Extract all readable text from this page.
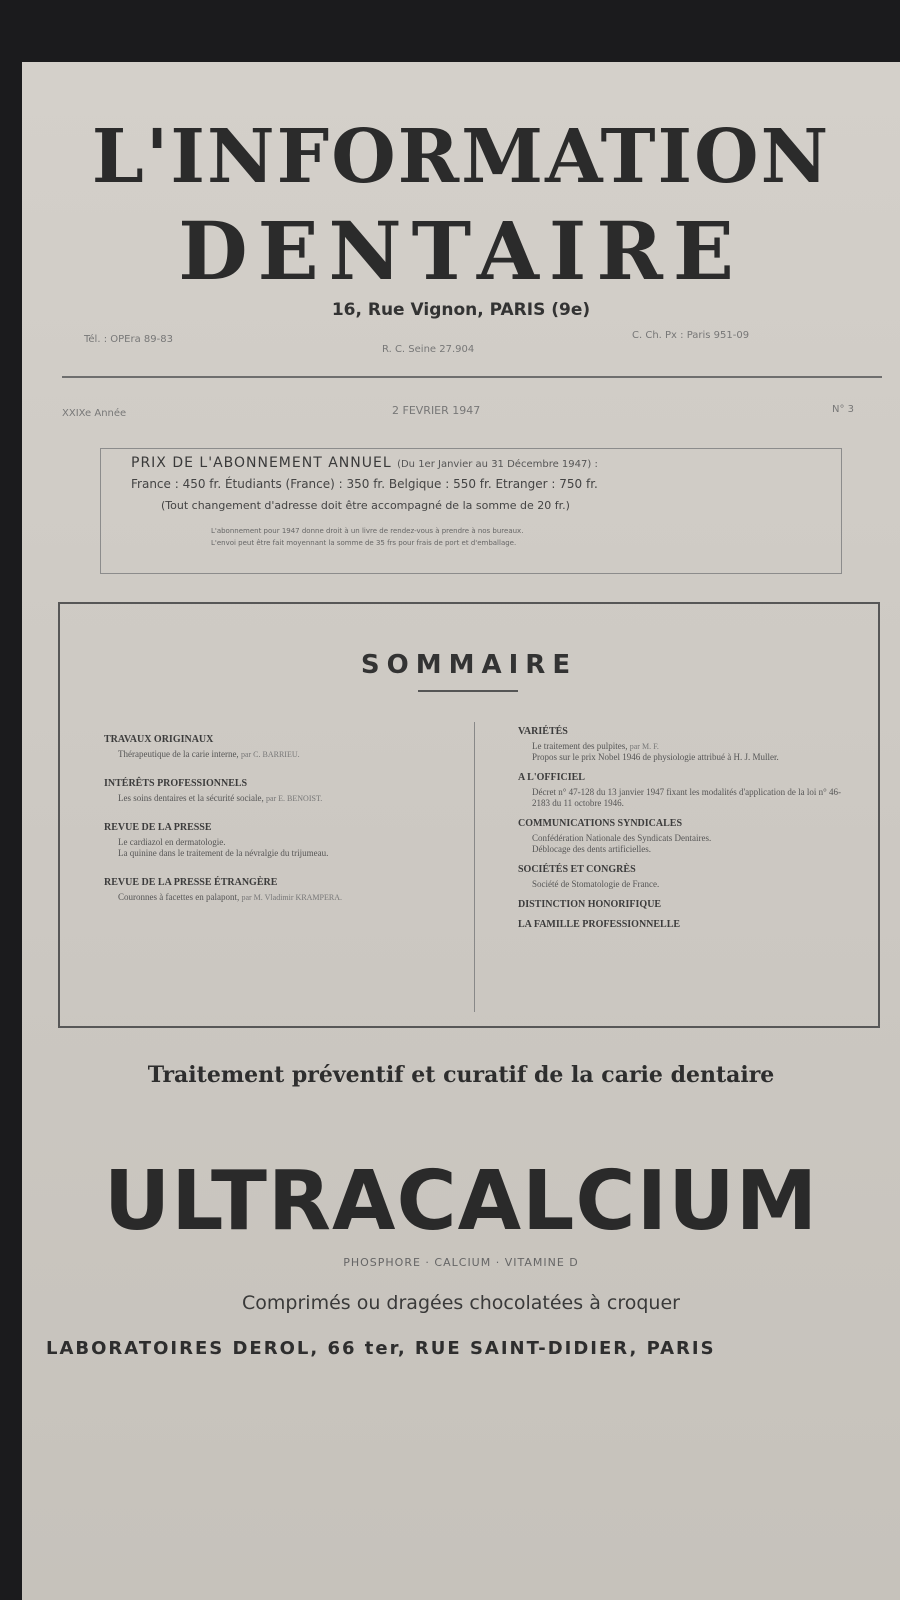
L'INFORMATION
DENTAIRE
16, Rue Vignon, PARIS (9e)
Tél. : OPEra 89-83
R. C. Seine 27.904
C. Ch. Px : Paris 951-09
XXIXe Année	2 FEVRIER 1947	N° 3
PRIX DE L'ABONNEMENT ANNUEL (Du 1er Janvier au 31 Décembre 1947) :
France : 450 fr. Étudiants (France) : 350 fr. Belgique : 550 fr. Etranger : 750 fr.
(Tout changement d'adresse doit être accompagné de la somme de 20 fr.)
L'abonnement pour 1947 donne droit à un livre de rendez-vous à prendre à nos bureaux.
L'envoi peut être fait moyennant la somme de 35 frs pour frais de port et d'emballage.
SOMMAIRE
TRAVAUX ORIGINAUX
Thérapeutique de la carie interne, par C. BARRIEU.
INTÉRÊTS PROFESSIONNELS
Les soins dentaires et la sécurité sociale, par E. BENOIST.
REVUE DE LA PRESSE
Le cardiazol en dermatologie.
La quinine dans le traitement de la névralgie du trijumeau.
REVUE DE LA PRESSE ÉTRANGÈRE
Couronnes à facettes en palapont, par M. Vladimir KRAMPERA.
VARIÉTÉS
Le traitement des pulpites, par M. F.
Propos sur le prix Nobel 1946 de physiologie attribué à H. J. Muller.
A L'OFFICIEL
Décret n° 47-128 du 13 janvier 1947 fixant les modalités d'application de la loi n° 46-2183 du 11 octobre 1946.
COMMUNICATIONS SYNDICALES
Confédération Nationale des Syndicats Dentaires.
Déblocage des dents artificielles.
SOCIÉTÉS ET CONGRÈS
Société de Stomatologie de France.
DISTINCTION HONORIFIQUE
LA FAMILLE PROFESSIONNELLE
Traitement préventif et curatif de la carie dentaire
ULTRACALCIUM
PHOSPHORE · CALCIUM · VITAMINE D
Comprimés ou dragées chocolatées à croquer
LABORATOIRES DEROL, 66 ter, RUE SAINT-DIDIER, PARIS
